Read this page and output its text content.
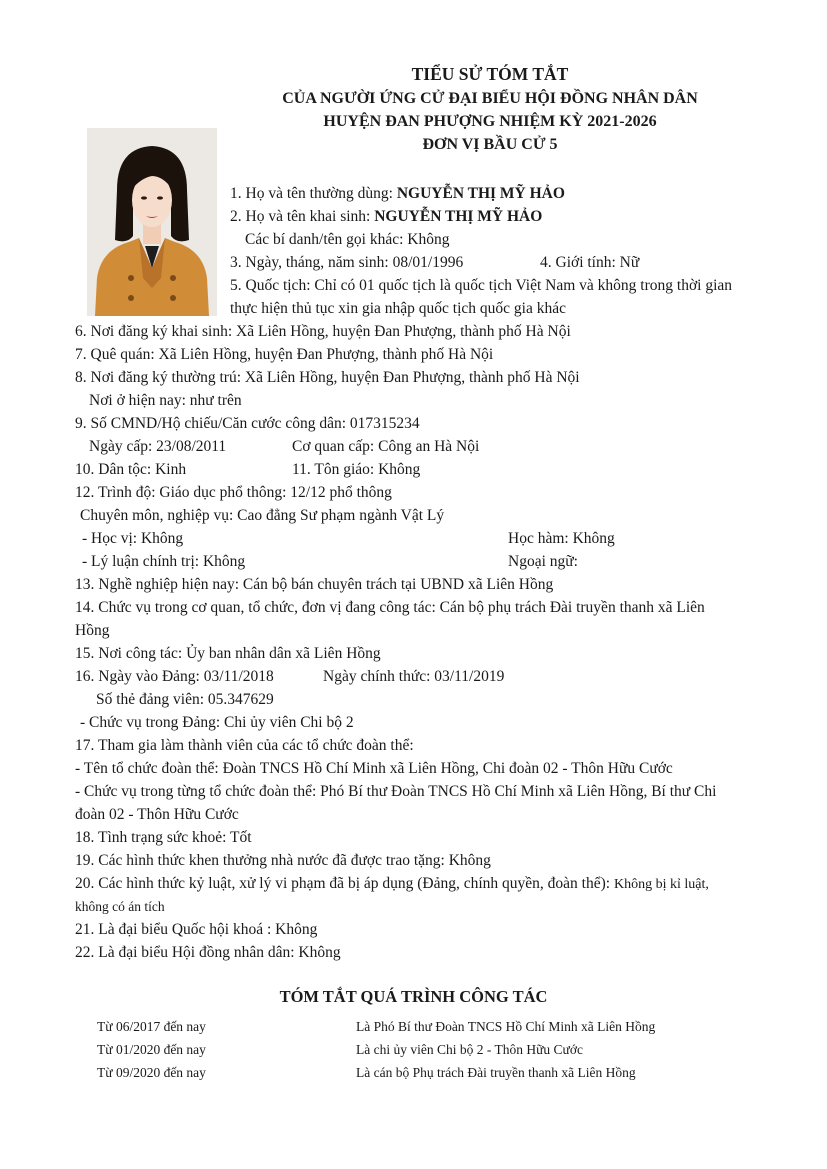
TIỂU SỬ TÓM TẮT
CỦA NGƯỜI ỨNG CỬ ĐẠI BIỂU HỘI ĐỒNG NHÂN DÂN
HUYỆN ĐAN PHƯỢNG NHIỆM KỲ 2021-2026
ĐƠN VỊ BẦU CỬ 5
1. Họ và tên thường dùng: NGUYỄN THỊ MỸ HẢO
2. Họ và tên khai sinh: NGUYỄN THỊ MỸ HẢO
Các bí danh/tên gọi khác: Không
3. Ngày, tháng, năm sinh: 08/01/1996	4. Giới tính: Nữ
5. Quốc tịch: Chỉ có 01 quốc tịch là quốc tịch Việt Nam và không trong thời gian
thực hiện thủ tục xin gia nhập quốc tịch quốc gia khác
6. Nơi đăng ký khai sinh: Xã Liên Hồng, huyện Đan Phượng, thành phố Hà Nội
7. Quê quán: Xã Liên Hồng, huyện Đan Phượng, thành phố Hà Nội
8. Nơi đăng ký thường trú: Xã Liên Hồng, huyện Đan Phượng, thành phố Hà Nội
Nơi ở hiện nay: như trên
9. Số CMND/Hộ chiếu/Căn cước công dân: 017315234
Ngày cấp: 23/08/2011	Cơ quan cấp: Công an Hà Nội
10. Dân tộc: Kinh	11. Tôn giáo: Không
12. Trình độ: Giáo dục phổ thông: 12/12 phổ thông
Chuyên môn, nghiệp vụ: Cao đẳng Sư phạm ngành Vật Lý
- Học vị: Không	Học hàm: Không
- Lý luận chính trị: Không	Ngoại ngữ:
13. Nghề nghiệp hiện nay: Cán bộ bán chuyên trách tại UBND xã Liên Hồng
14. Chức vụ trong cơ quan, tổ chức, đơn vị đang công tác: Cán bộ phụ trách Đài truyền thanh xã Liên
Hồng
15. Nơi công tác: Ủy ban nhân dân xã Liên Hồng
16. Ngày vào Đảng: 03/11/2018	Ngày chính thức: 03/11/2019
Số thẻ đảng viên: 05.347629
- Chức vụ trong Đảng: Chi ủy viên Chi bộ 2
17. Tham gia làm thành viên của các tổ chức đoàn thể:
- Tên tổ chức đoàn thể: Đoàn TNCS Hồ Chí Minh xã Liên Hồng, Chi đoàn 02 - Thôn Hữu Cước
- Chức vụ trong từng tổ chức đoàn thể: Phó Bí thư Đoàn TNCS Hồ Chí Minh xã Liên Hồng, Bí thư Chi
đoàn 02 - Thôn Hữu Cước
18. Tình trạng sức khoẻ: Tốt
19. Các hình thức khen thưởng nhà nước đã được trao tặng: Không
20. Các hình thức kỷ luật, xử lý vi phạm đã bị áp dụng (Đảng, chính quyền, đoàn thể): Không bị kỉ luật,
không có án tích
21. Là đại biểu Quốc hội khoá : Không
22. Là đại biểu Hội đồng nhân dân: Không
TÓM TẮT QUÁ TRÌNH CÔNG TÁC
Từ 06/2017 đến nay	Là Phó Bí thư Đoàn TNCS Hồ Chí Minh xã Liên Hồng
Từ 01/2020 đến nay	Là chi ủy viên Chi bộ 2 - Thôn Hữu Cước
Từ 09/2020 đến nay	Là cán bộ Phụ trách Đài truyền thanh xã Liên Hồng
